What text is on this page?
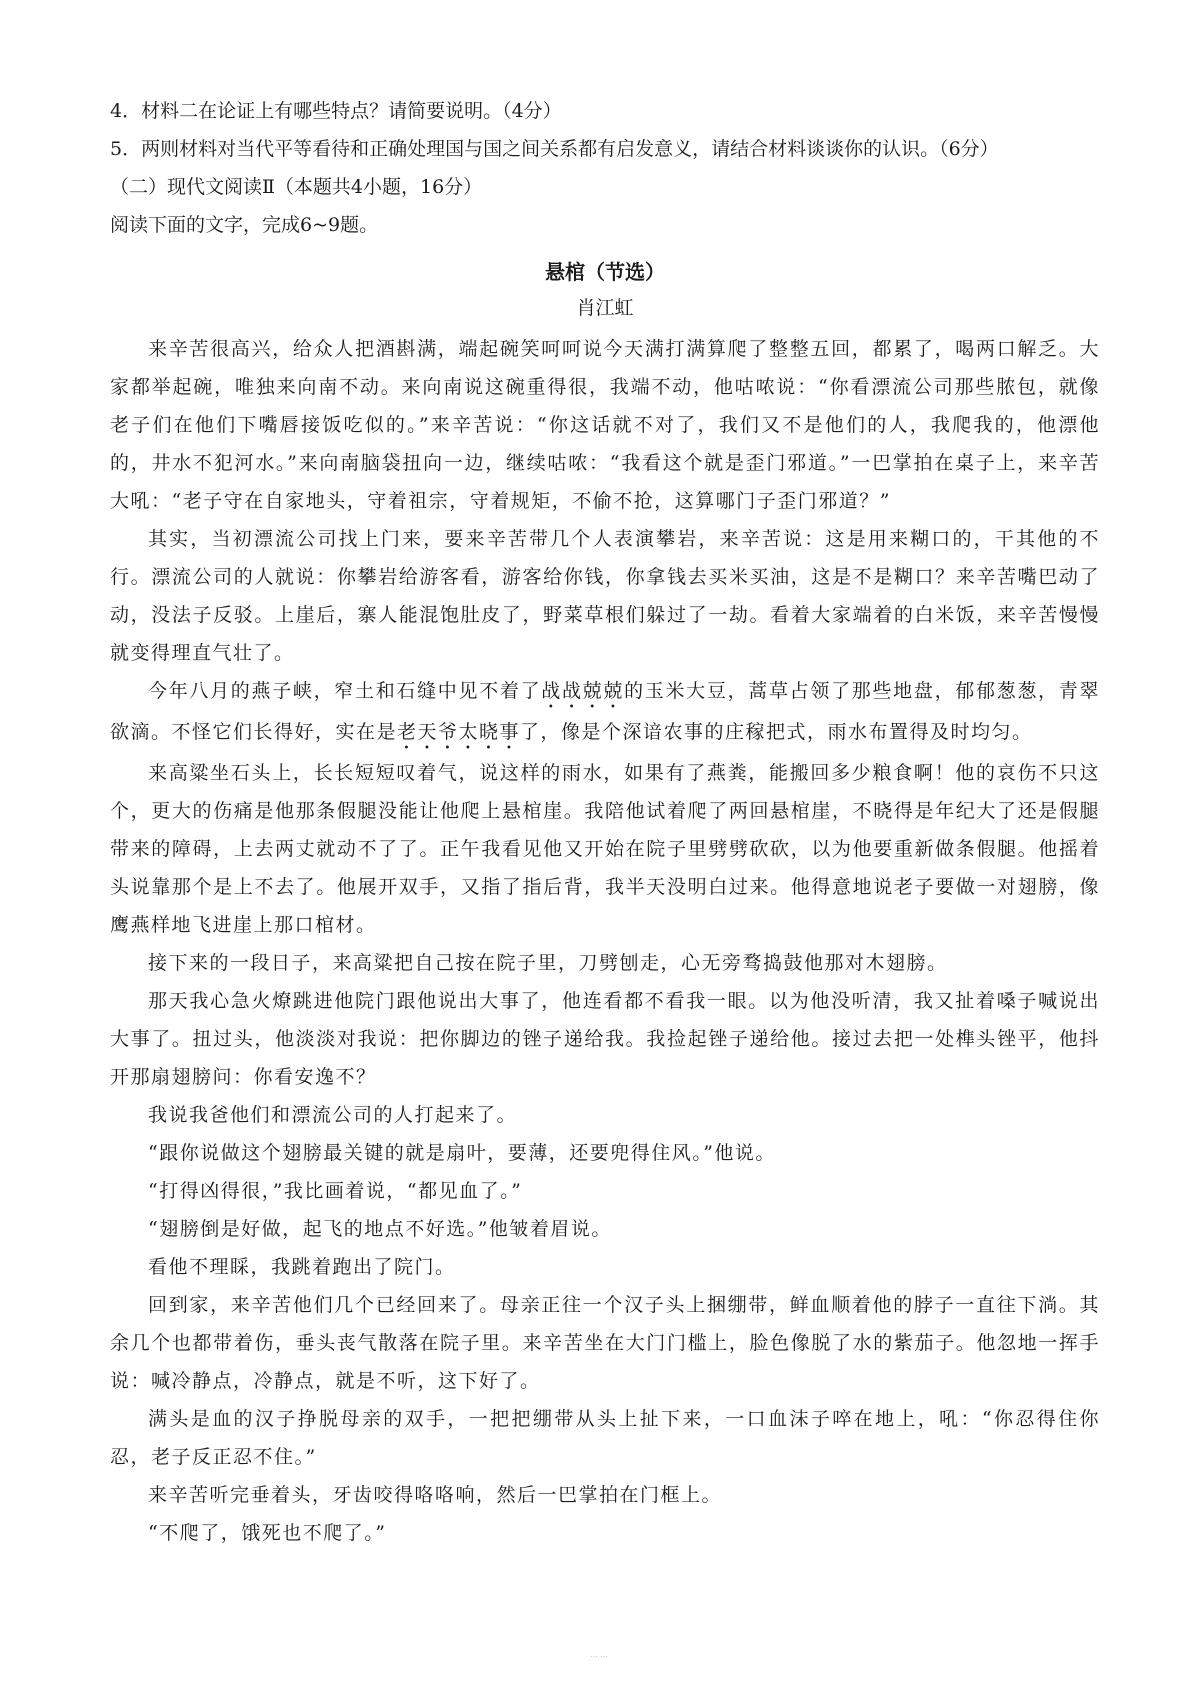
4．材料二在论证上有哪些特点？请简要说明。（4分）
5．两则材料对当代平等看待和正确处理国与国之间关系都有启发意义，请结合材料谈谈你的认识。（6分）
（二）现代文阅读Ⅱ（本题共4小题，16分）
阅读下面的文字，完成6~9题。
悬棺（节选）
肖江虹

来辛苦很高兴，给众人把酒斟满，端起碗笑呵呵说今天满打满算爬了整整五回，都累了，喝两口解乏。大家都举起碗，唯独来向南不动。来向南说这碗重得很，我端不动，他咕哝说：“你看漂流公司那些脓包，就像老子们在他们下嘴唇接饭吃似的。”来辛苦说：“你这话就不对了，我们又不是他们的人，我爬我的，他漂他的，井水不犯河水。”来向南脑袋扭向一边，继续咕哝：“我看这个就是歪门邪道。”一巴掌拍在桌子上，来辛苦大吼：“老子守在自家地头，守着祖宗，守着规矩，不偷不抢，这算哪门子歪门邪道？”

其实，当初漂流公司找上门来，要来辛苦带几个人表演攀岩，来辛苦说：这是用来糊口的，干其他的不行。漂流公司的人就说：你攀岩给游客看，游客给你钱，你拿钱去买米买油，这是不是糊口？来辛苦嘴巴动了动，没法子反驳。上崖后，寨人能混饱肚皮了，野菜草根们躲过了一劫。看着大家端着的白米饭，来辛苦慢慢就变得理直气壮了。

今年八月的燕子峡，窄土和石缝中见不着了战战兢兢的玉米大豆，蒿草占领了那些地盘，郁郁葱葱，青翠欲滴。不怪它们长得好，实在是老天爷太晓事了，像是个深谙农事的庄稼把式，雨水布置得及时均匀。

来高粱坐石头上，长长短短叹着气，说这样的雨水，如果有了燕粪，能搬回多少粮食啊！他的哀伤不只这个，更大的伤痛是他那条假腿没能让他爬上悬棺崖。我陪他试着爬了两回悬棺崖，不晓得是年纪大了还是假腿带来的障碍，上去两丈就动不了了。正午我看见他又开始在院子里劈劈砍砍，以为他要重新做条假腿。他摇着头说靠那个是上不去了。他展开双手，又指了指后背，我半天没明白过来。他得意地说老子要做一对翅膀，像鹰燕样地飞进崖上那口棺材。

接下来的一段日子，来高粱把自己按在院子里，刀劈刨走，心无旁骛捣鼓他那对木翅膀。

那天我心急火燎跳进他院门跟他说出大事了，他连看都不看我一眼。以为他没听清，我又扯着嗓子喊说出大事了。扭过头，他淡淡对我说：把你脚边的锉子递给我。我捡起锉子递给他。接过去把一处榫头锉平，他抖开那扇翅膀问：你看安逸不？

我说我爸他们和漂流公司的人打起来了。

“跟你说做这个翅膀最关键的就是扇叶，要薄，还要兜得住风。”他说。

“打得凶得很，”我比画着说，“都见血了。”

“翅膀倒是好做，起飞的地点不好选。”他皱着眉说。

看他不理睬，我跳着跑出了院门。

回到家，来辛苦他们几个已经回来了。母亲正往一个汉子头上捆绷带，鲜血顺着他的脖子一直往下淌。其余几个也都带着伤，垂头丧气散落在院子里。来辛苦坐在大门门槛上，脸色像脱了水的紫茄子。他忽地一挥手说：喊冷静点，冷静点，就是不听，这下好了。

满头是血的汉子挣脱母亲的双手，一把把绷带从头上扯下来，一口血沫子啐在地上，吼：“你忍得住你忍，老子反正忍不住。”

来辛苦听完垂着头，牙齿咬得咯咯响，然后一巴掌拍在门框上。

“不爬了，饿死也不爬了。”

……
